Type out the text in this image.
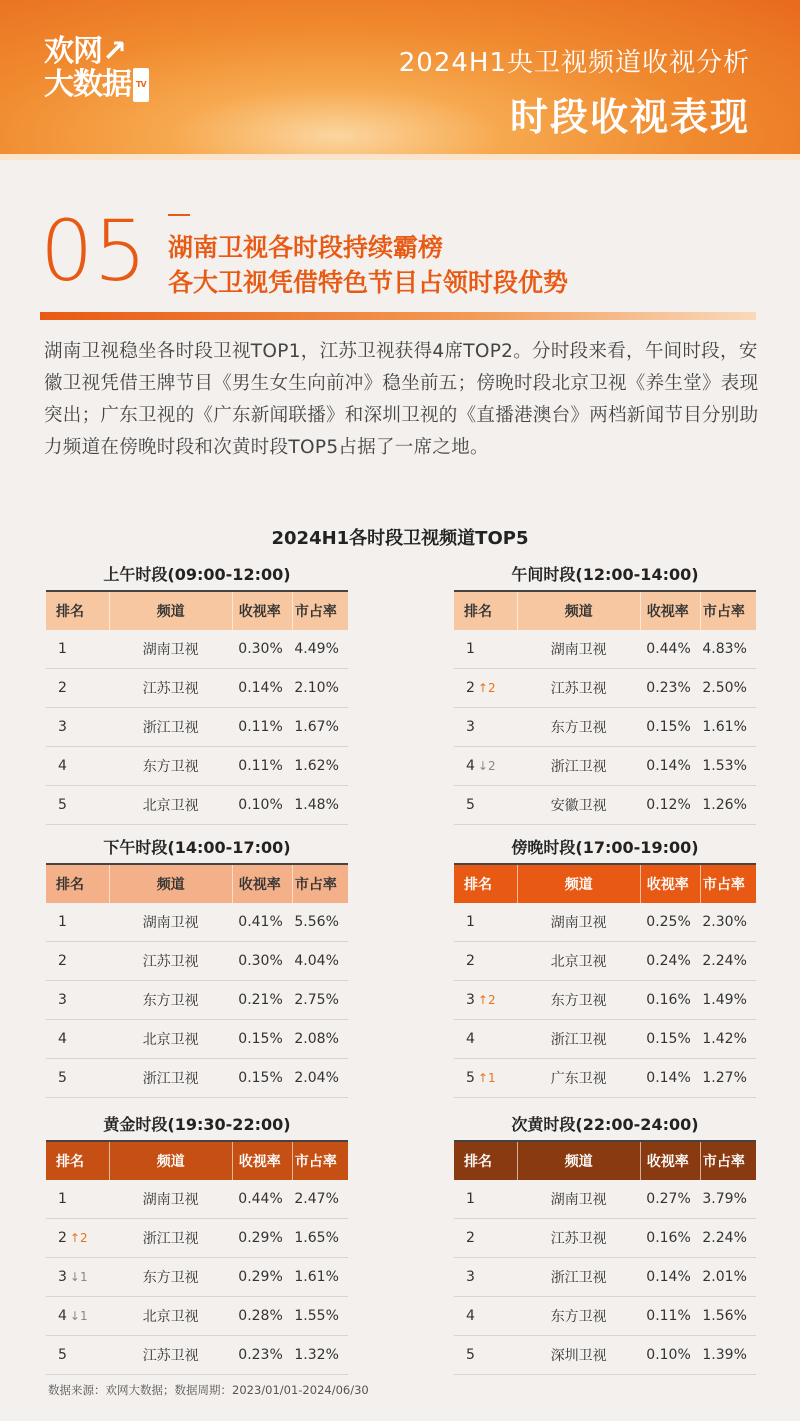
欢网↗
大数据 TV
2024H1央卫视频道收视分析
时段收视表现
05 湖南卫视各时段持续霸榜
各大卫视凭借特色节目占领时段优势
湖南卫视稳坐各时段卫视TOP1，江苏卫视获得4席TOP2。分时段来看，午间时段，安徽卫视凭借王牌节目《男生女生向前冲》稳坐前五；傍晚时段北京卫视《养生堂》表现突出；广东卫视的《广东新闻联播》和深圳卫视的《直播港澳台》两档新闻节目分别助力频道在傍晚时段和次黄时段TOP5占据了一席之地。
2024H1各时段卫视频道TOP5
上午时段(09:00-12:00)
排名	频道	收视率	市占率
1	湖南卫视	0.30%	4.49%
2	江苏卫视	0.14%	2.10%
3	浙江卫视	0.11%	1.67%
4	东方卫视	0.11%	1.62%
5	北京卫视	0.10%	1.48%
午间时段(12:00-14:00)
排名	频道	收视率	市占率
1	湖南卫视	0.44%	4.83%
2 ↑2	江苏卫视	0.23%	2.50%
3	东方卫视	0.15%	1.61%
4 ↓2	浙江卫视	0.14%	1.53%
5	安徽卫视	0.12%	1.26%
下午时段(14:00-17:00)
排名	频道	收视率	市占率
1	湖南卫视	0.41%	5.56%
2	江苏卫视	0.30%	4.04%
3	东方卫视	0.21%	2.75%
4	北京卫视	0.15%	2.08%
5	浙江卫视	0.15%	2.04%
傍晚时段(17:00-19:00)
排名	频道	收视率	市占率
1	湖南卫视	0.25%	2.30%
2	北京卫视	0.24%	2.24%
3 ↑2	东方卫视	0.16%	1.49%
4	浙江卫视	0.15%	1.42%
5 ↑1	广东卫视	0.14%	1.27%
黄金时段(19:30-22:00)
排名	频道	收视率	市占率
1	湖南卫视	0.44%	2.47%
2 ↑2	浙江卫视	0.29%	1.65%
3 ↓1	东方卫视	0.29%	1.61%
4 ↓1	北京卫视	0.28%	1.55%
5	江苏卫视	0.23%	1.32%
次黄时段(22:00-24:00)
排名	频道	收视率	市占率
1	湖南卫视	0.27%	3.79%
2	江苏卫视	0.16%	2.24%
3	浙江卫视	0.14%	2.01%
4	东方卫视	0.11%	1.56%
5	深圳卫视	0.10%	1.39%
数据来源：欢网大数据；数据周期：2023/01/01-2024/06/30
